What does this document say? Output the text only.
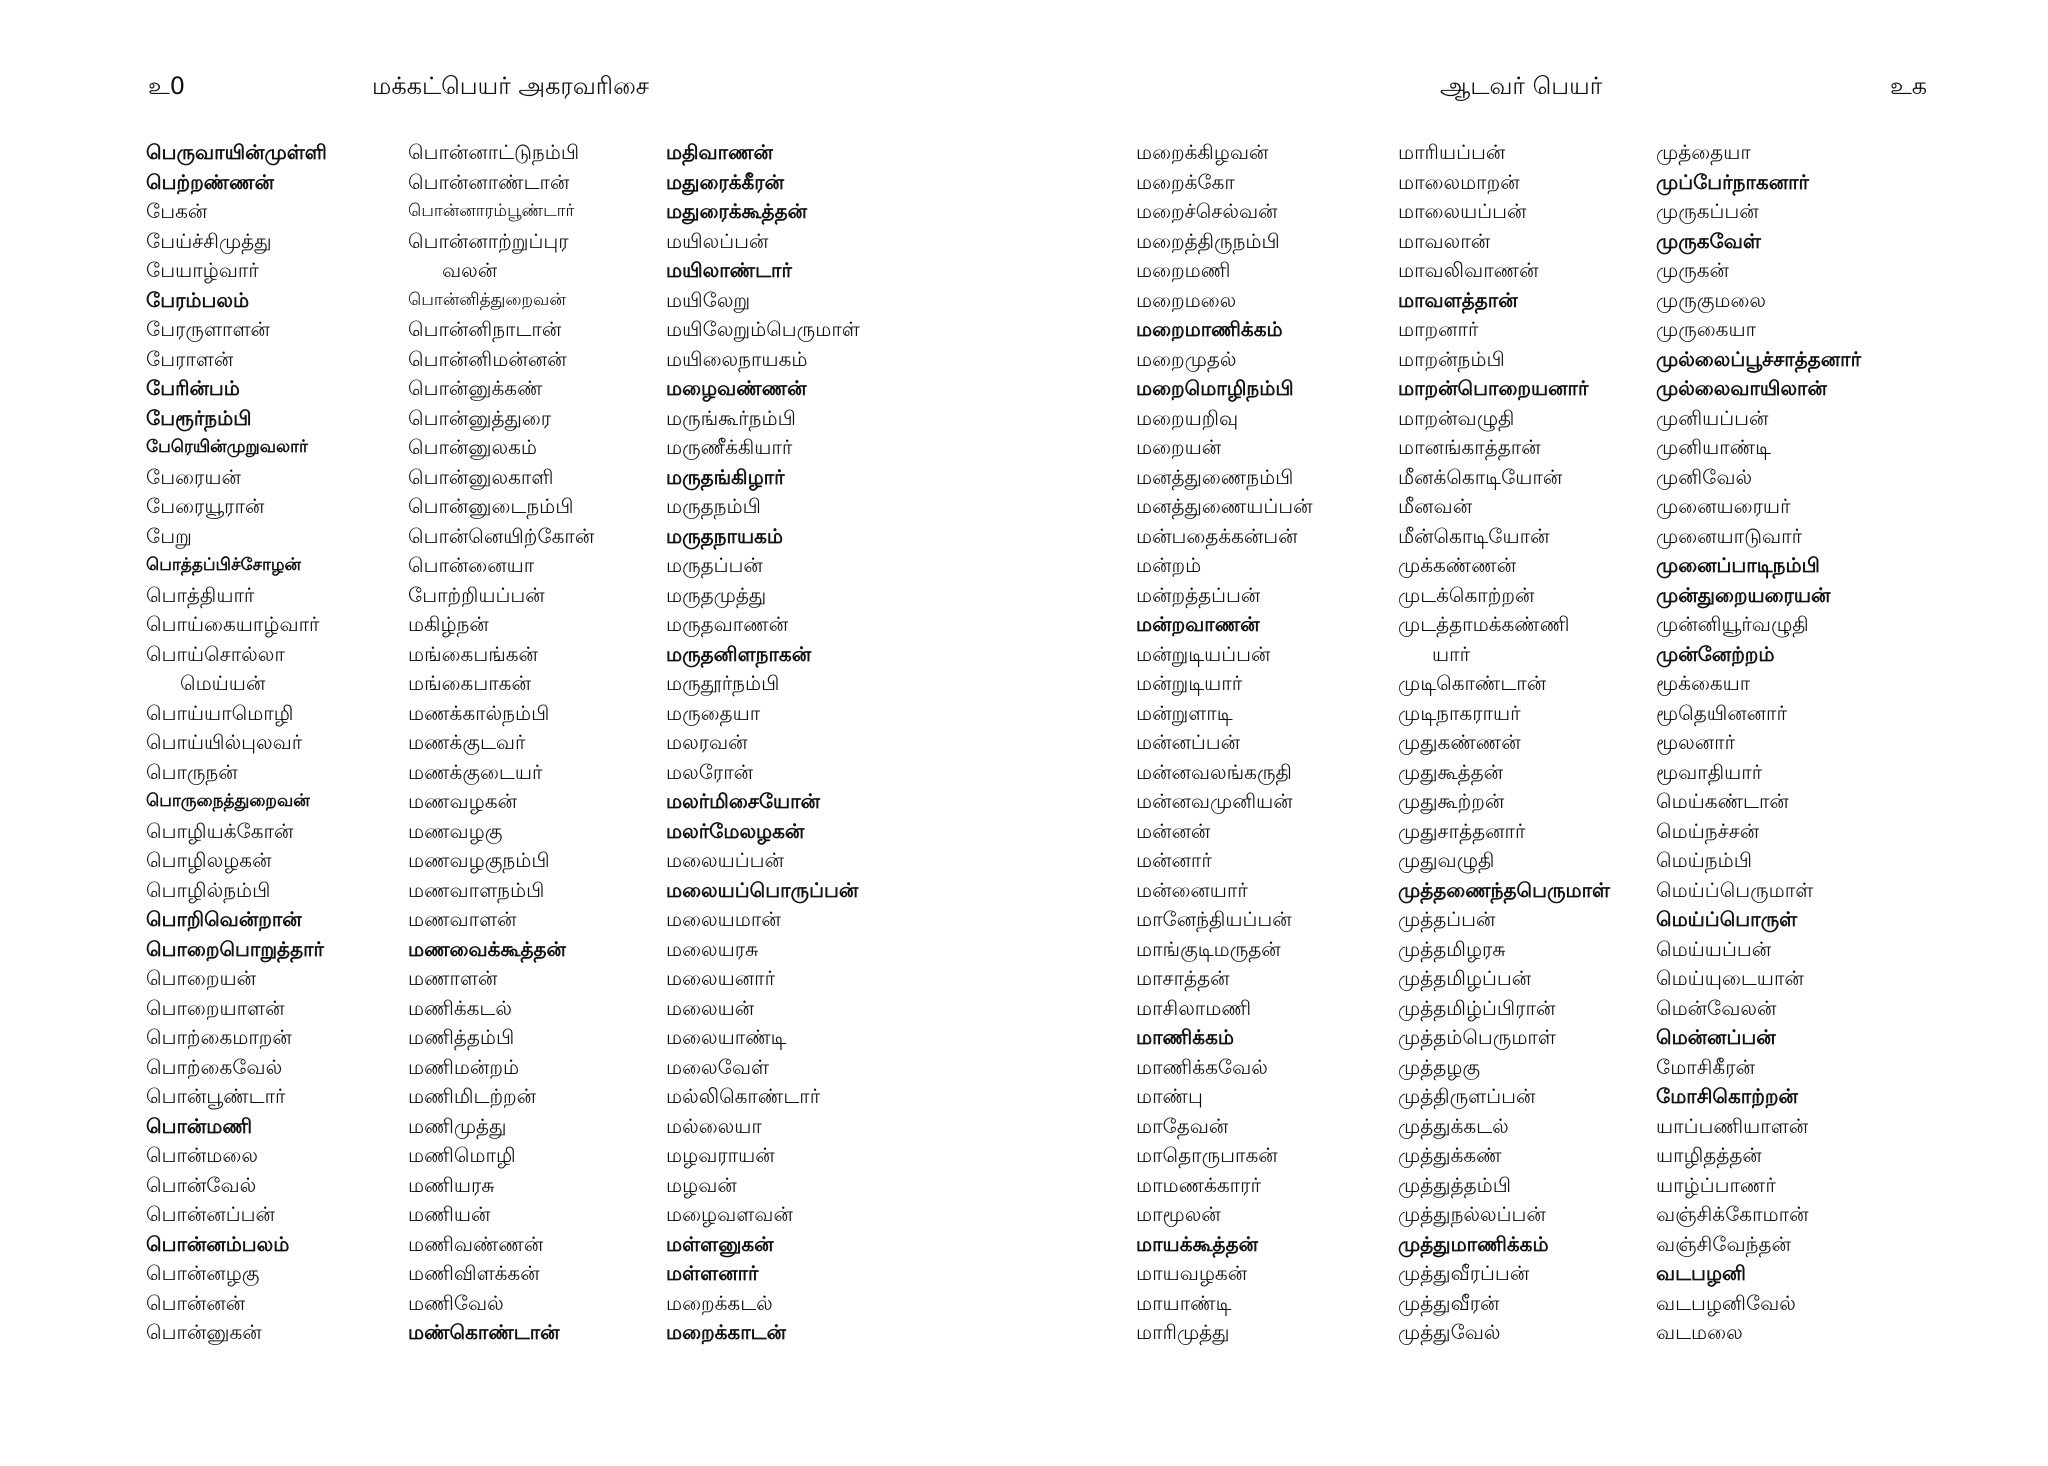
உ0	மக்கட்பெயர் அகரவரிசை
பெருவாயின்முள்ளி
பெற்றண்ணன்
பேகன்
பேய்ச்சிமுத்து
பேயாழ்வார்
பேரம்பலம்
பேரருளாளன்
பேராளன்
பேரின்பம்
பேரூர்நம்பி
பேரெயின்முறுவலார்
பேரையன்
பேரையூரான்
பேறு
பொத்தப்பிச்சோழன்
பொத்தியார்
பொய்கையாழ்வார்
பொய்சொல்லா
மெய்யன்
பொய்யாமொழி
பொய்யில்புலவர்
பொருநன்
பொருநைத்துறைவன்
பொழியக்கோன்
பொழிலழகன்
பொழில்நம்பி
பொறிவென்றான்
பொறைபொறுத்தார்
பொறையன்
பொறையாளன்
பொற்கைமாறன்
பொற்கைவேல்
பொன்பூண்டார்
பொன்மணி
பொன்மலை
பொன்வேல்
பொன்னப்பன்
பொன்னம்பலம்
பொன்னழகு
பொன்னன்
பொன்னுகன்
பொன்னாட்டுநம்பி
பொன்னாண்டான்
பொன்னாரம்பூண்டார்
பொன்னாற்றுப்புர
வலன்
பொன்னித்துறைவன்
பொன்னிநாடான்
பொன்னிமன்னன்
பொன்னுக்கண்
பொன்னுத்துரை
பொன்னுலகம்
பொன்னுலகாளி
பொன்னுடைநம்பி
பொன்னெயிற்கோன்
பொன்னையா
போற்றியப்பன்
மகிழ்நன்
மங்கைபங்கன்
மங்கைபாகன்
மணக்கால்நம்பி
மணக்குடவர்
மணக்குடையர்
மணவழகன்
மணவழகு
மணவழகுநம்பி
மணவாளநம்பி
மணவாளன்
மணவைக்கூத்தன்
மணாளன்
மணிக்கடல்
மணித்தம்பி
மணிமன்றம்
மணிமிடற்றன்
மணிமுத்து
மணிமொழி
மணியரசு
மணியன்
மணிவண்ணன்
மணிவிளக்கன்
மணிவேல்
மண்கொண்டான்
மதிவாணன்
மதுரைக்கீரன்
மதுரைக்கூத்தன்
மயிலப்பன்
மயிலாண்டார்
மயிலேறு
மயிலேறும்பெருமாள்
மயிலைநாயகம்
மழைவண்ணன்
மருங்கூர்நம்பி
மருணீக்கியார்
மருதங்கிழார்
மருதநம்பி
மருதநாயகம்
மருதப்பன்
மருதமுத்து
மருதவாணன்
மருதனிளநாகன்
மருதூர்நம்பி
மருதையா
மலரவன்
மலரோன்
மலர்மிசையோன்
மலர்மேலழகன்
மலையப்பன்
மலையப்பொருப்பன்
மலையமான்
மலையரசு
மலையனார்
மலையன்
மலையாண்டி
மலைவேள்
மல்லிகொண்டார்
மல்லையா
மழவராயன்
மழவன்
மழைவளவன்
மள்ளனுகன்
மள்ளனார்
மறைக்கடல்
மறைக்காடன்
ஆடவர் பெயர்	உக
மறைக்கிழவன்
மறைக்கோ
மறைச்செல்வன்
மறைத்திருநம்பி
மறைமணி
மறைமலை
மறைமாணிக்கம்
மறைமுதல்
மறைமொழிநம்பி
மறையறிவு
மறையன்
மனத்துணைநம்பி
மனத்துணையப்பன்
மன்பதைக்கன்பன்
மன்றம்
மன்றத்தப்பன்
மன்றவாணன்
மன்றுடியப்பன்
மன்றுடியார்
மன்றுளாடி
மன்னப்பன்
மன்னவலங்கருதி
மன்னவமுனியன்
மன்னன்
மன்னார்
மன்னையார்
மானேந்தியப்பன்
மாங்குடிமருதன்
மாசாத்தன்
மாசிலாமணி
மாணிக்கம்
மாணிக்கவேல்
மாண்பு
மாதேவன்
மாதொருபாகன்
மாமணக்காரர்
மாமூலன்
மாயக்கூத்தன்
மாயவழகன்
மாயாண்டி
மாரிமுத்து
மாரியப்பன்
மாலைமாறன்
மாலையப்பன்
மாவலான்
மாவலிவாணன்
மாவளத்தான்
மாறனார்
மாறன்நம்பி
மாறன்பொறையனார்
மாறன்வழுதி
மானங்காத்தான்
மீனக்கொடியோன்
மீனவன்
மீன்கொடியோன்
முக்கண்ணன்
முடக்கொற்றன்
முடத்தாமக்கண்ணி
யார்
முடிகொண்டான்
முடிநாகராயர்
முதுகண்ணன்
முதுகூத்தன்
முதுகூற்றன்
முதுசாத்தனார்
முதுவழுதி
முத்தணைந்தபெருமாள்
முத்தப்பன்
முத்தமிழரசு
முத்தமிழப்பன்
முத்தமிழ்ப்பிரான்
முத்தம்பெருமாள்
முத்தழகு
முத்திருளப்பன்
முத்துக்கடல்
முத்துக்கண்
முத்துத்தம்பி
முத்துநல்லப்பன்
முத்துமாணிக்கம்
முத்துவீரப்பன்
முத்துவீரன்
முத்துவேல்
முத்தையா
முப்பேர்நாகனார்
முருகப்பன்
முருகவேள்
முருகன்
முருகுமலை
முருகையா
முல்லைப்பூச்சாத்தனார்
முல்லைவாயிலான்
முனியப்பன்
முனியாண்டி
முனிவேல்
முனையரையர்
முனையாடுவார்
முனைப்பாடிநம்பி
முன்துறையரையன்
முன்னியூர்வழுதி
முன்னேற்றம்
மூக்கையா
மூதெயினனார்
மூலனார்
மூவாதியார்
மெய்கண்டான்
மெய்நச்சன்
மெய்நம்பி
மெய்ப்பெருமாள்
மெய்ப்பொருள்
மெய்யப்பன்
மெய்யுடையான்
மென்வேலன்
மென்னப்பன்
மோசிகீரன்
மோசிகொற்றன்
யாப்பணியாளன்
யாழிதத்தன்
யாழ்ப்பாணர்
வஞ்சிக்கோமான்
வஞ்சிவேந்தன்
வடபழனி
வடபழனிவேல்
வடமலை
